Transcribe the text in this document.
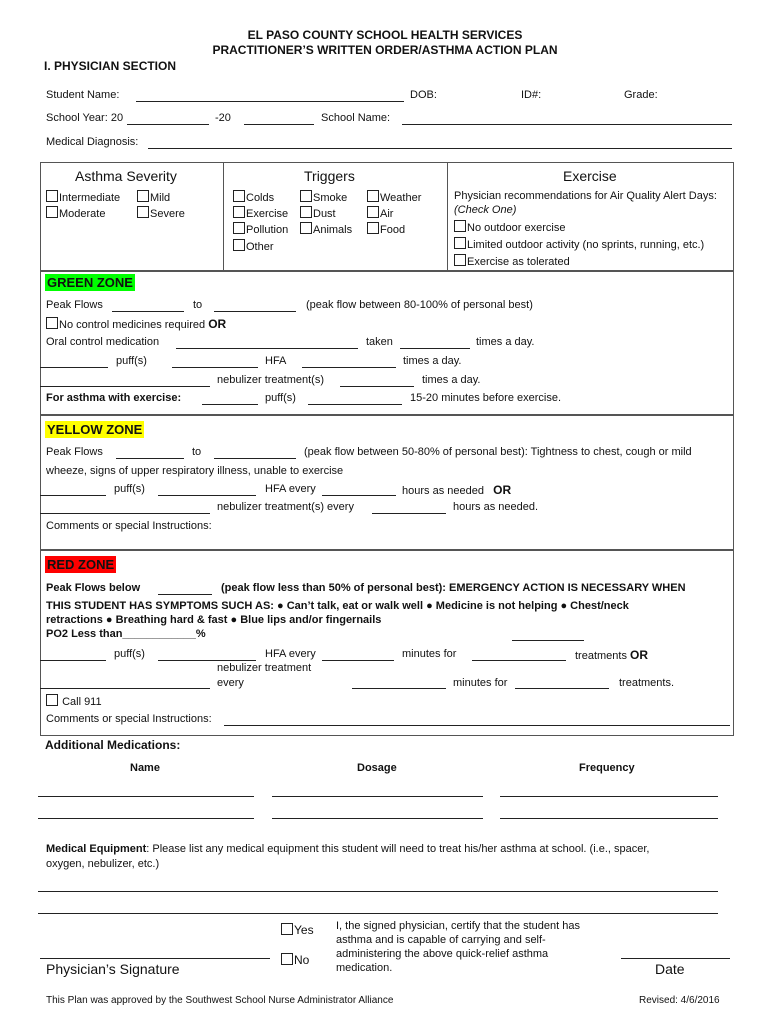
EL PASO COUNTY SCHOOL HEALTH SERVICES
PRACTITIONER’S WRITTEN ORDER/ASTHMA ACTION PLAN
I. PHYSICIAN SECTION
Student Name:	DOB:	ID#:	Grade:
School Year: 20	-20	School Name:
Medical Diagnosis:
Asthma Severity
Intermediate	Mild
Moderate	Severe
Triggers
Colds	Smoke	Weather
Exercise	Dust	Air
Pollution	Animals	Food
Other
Exercise
Physician recommendations for Air Quality Alert Days:
(Check One)
No outdoor exercise
Limited outdoor activity (no sprints, running, etc.)
Exercise as tolerated
GREEN ZONE
Peak Flows	to	(peak flow between 80-100% of personal best)
No control medicines required OR
Oral control medication	taken	times a day.
puff(s)	HFA	times a day.
nebulizer treatment(s)	times a day.
For asthma with exercise:	puff(s)	15-20 minutes before exercise.
YELLOW ZONE
Peak Flows	to	(peak flow between 50-80% of personal best): Tightness to chest, cough or mild
wheeze, signs of upper respiratory illness, unable to exercise
puff(s)	HFA every	hours as needed OR
nebulizer treatment(s) every	hours as needed.
Comments or special Instructions:
RED ZONE
Peak Flows below	(peak flow less than 50% of personal best): EMERGENCY ACTION IS NECESSARY WHEN
THIS STUDENT HAS SYMPTOMS SUCH AS: ● Can’t talk, eat or walk well ● Medicine is not helping ● Chest/neck
retractions ● Breathing hard & fast ● Blue lips and/or fingernails
PO2 Less than____________%
puff(s)	HFA every	minutes for	treatments OR
nebulizer treatment
every	minutes for	treatments.
Call 911
Comments or special Instructions:
Additional Medications:
Name	Dosage	Frequency
Medical Equipment: Please list any medical equipment this student will need to treat his/her asthma at school. (i.e., spacer,
oxygen, nebulizer, etc.)
Yes
No
I, the signed physician, certify that the student has
asthma and is capable of carrying and self-
administering the above quick-relief asthma
medication.
Physician’s Signature	Date
This Plan was approved by the Southwest School Nurse Administrator Alliance	Revised: 4/6/2016
